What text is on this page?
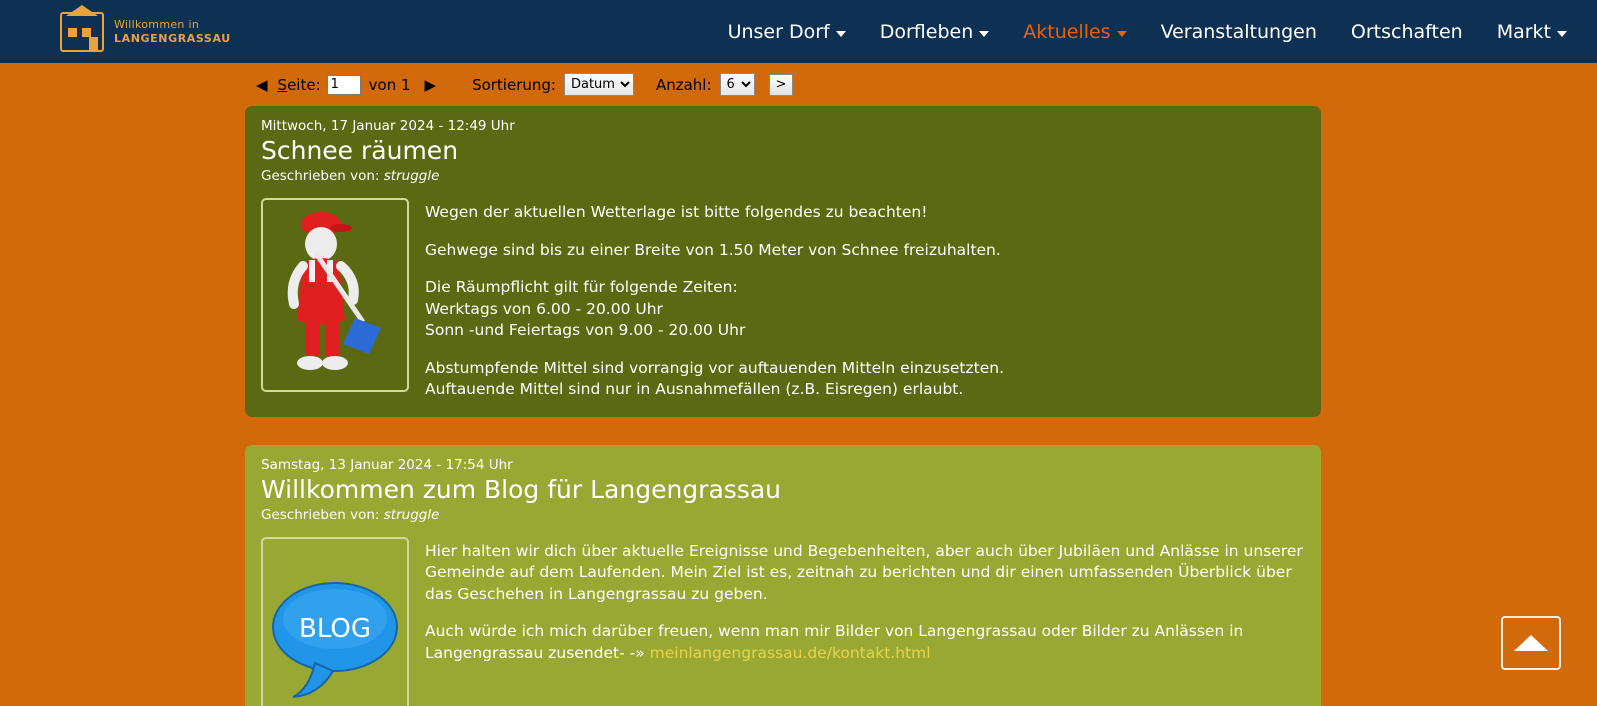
Willkommen in
LANGENGRASSAU	Unser Dorf	Dorfleben	Aktuelles	Veranstaltungen Ortschaften Markt
◀ Seite:
1	von 1 ▶	Sortierung:
Datum	Anzahl:
6	>
Mittwoch, 17 Januar 2024 - 12:49 Uhr
Schnee räumen
Geschrieben von: struggle

Wegen der aktuellen Wetterlage ist bitte folgendes zu beachten!

Gehwege sind bis zu einer Breite von 1.50 Meter von Schnee freizuhalten.

Die Räumpflicht gilt für folgende Zeiten:

Werktags von 6.00 - 20.00 Uhr

Sonn -und Feiertags von 9.00 - 20.00 Uhr

Abstumpfende Mittel sind vorrangig vor auftauenden Mitteln einzusetzten.

Auftauende Mittel sind nur in Ausnahmefällen (z.B. Eisregen) erlaubt.

Samstag, 13 Januar 2024 - 17:54 Uhr
Willkommen zum Blog für Langengrassau
Geschrieben von: struggle
BLOG

Hier halten wir dich über aktuelle Ereignisse und Begebenheiten, aber auch über Jubiläen und Anlässe in unserer Gemeinde auf dem Laufenden. Mein Ziel ist es, zeitnah zu berichten und dir einen umfassenden Überblick über das Geschehen in Langengrassau zu geben.

Auch würde ich mich darüber freuen, wenn man mir Bilder von Langengrassau oder Bilder zu Anlässen in Langengrassau zusendet- -» meinlangengrassau.de/kontakt.html
